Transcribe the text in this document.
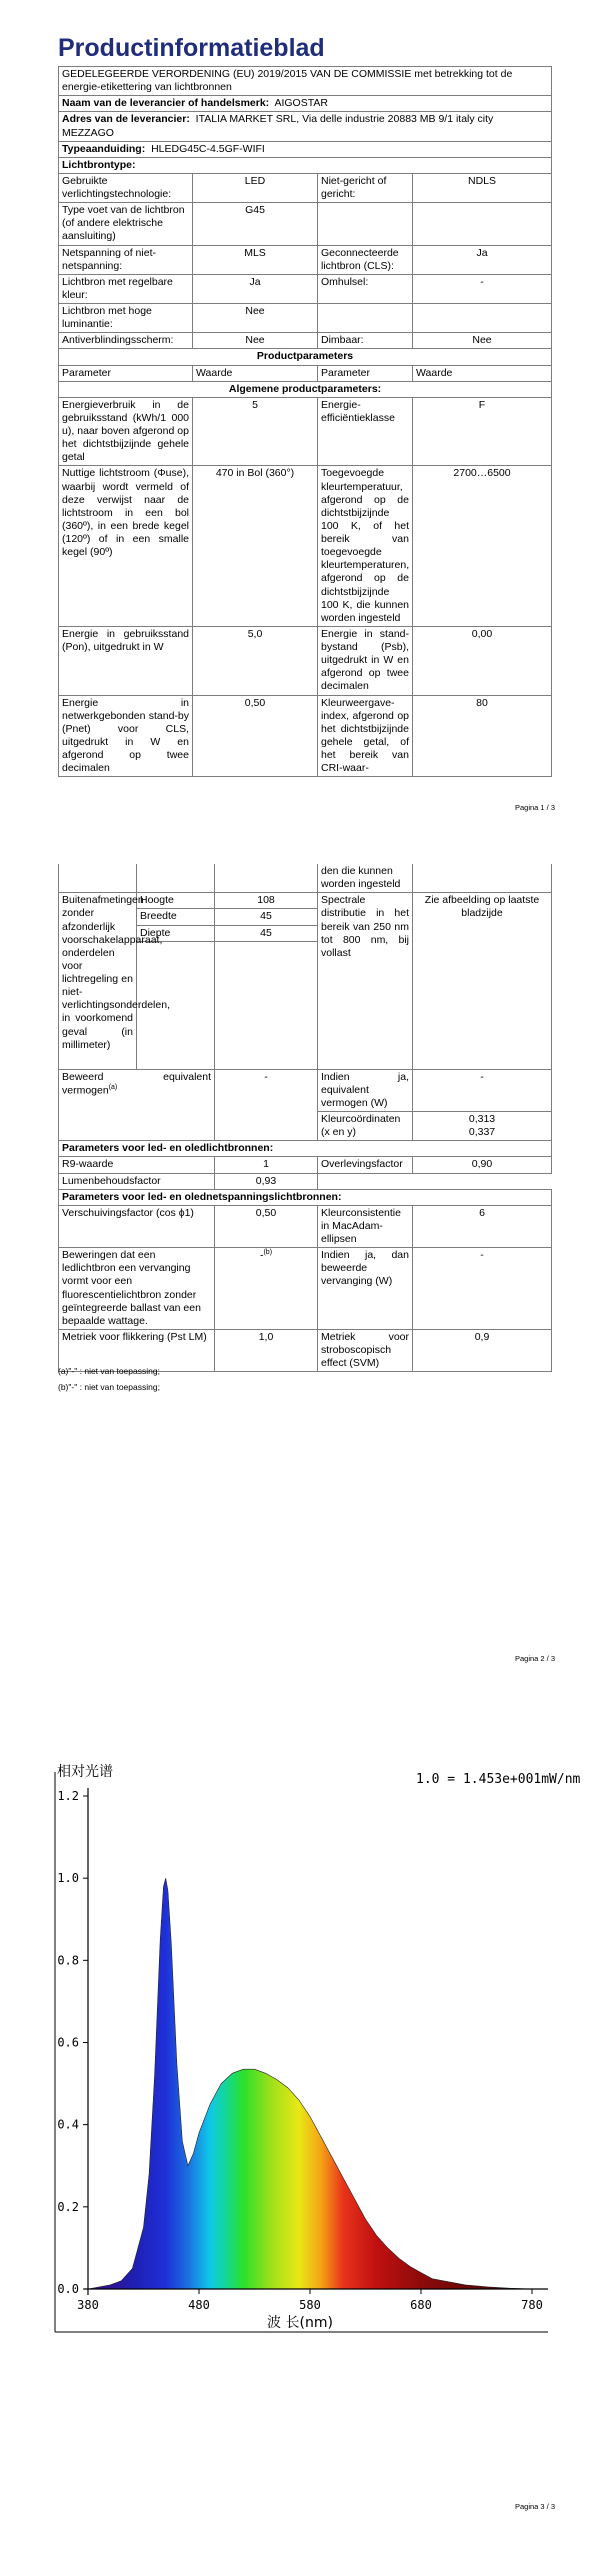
Productinformatieblad
GEDELEGEERDE VERORDENING (EU) 2019/2015 VAN DE COMMISSIE met betrekking tot de energie-etikettering van lichtbronnen			
Naam van de leverancier of handelsmerk: AIGOSTAR			
Adres van de leverancier: ITALIA MARKET SRL, Via delle industrie 20883 MB 9/1 italy city MEZZAGO			
Typeaanduiding: HLEDG45C-4.5GF-WIFI			
Lichtbrontype:			
Gebruikte verlichtingstechnologie:	LED	Niet-gericht of gericht:	NDLS
Type voet van de lichtbron (of andere elektrische aansluiting)	G45		
Netspanning of niet-netspanning:	MLS	Geconnecteerde lichtbron (CLS):	Ja
Lichtbron met regelbare kleur:	Ja	Omhulsel:	-
Lichtbron met hoge luminantie:	Nee		
Antiverblindingsscherm:	Nee	Dimbaar:	Nee
Productparameters			
Parameter	Waarde	Parameter	Waarde
Algemene productparameters:			
Energieverbruik in de gebruiksstand (kWh/1 000 u), naar boven afgerond op het dichtstbijzijnde gehele getal	5	Energie-efficiëntieklasse	F
Nuttige lichtstroom (Φuse), waarbij wordt vermeld of deze verwijst naar de lichtstroom in een bol (360º), in een brede kegel (120º) of in een smalle kegel (90º)	470 in Bol (360°)	Toegevoegde kleurtemperatuur, afgerond op de dichtstbijzijnde 100 K, of het bereik van toegevoegde kleurtemperaturen, afgerond op de dichtstbijzijnde 100 K, die kunnen worden ingesteld	2700…6500
Energie in gebruiksstand (Pon), uitgedrukt in W	5,0	Energie in stand-bystand (Psb), uitgedrukt in W en afgerond op twee decimalen	0,00
Energie in netwerkgebonden stand-by (Pnet) voor CLS, uitgedrukt in W en afgerond op twee decimalen	0,50	Kleurweergave-index, afgerond op het dichtstbijzijnde gehele getal, of het bereik van CRI-waar-	80
Pagina 1 / 3
			den die kunnen worden ingesteld	
Buitenafmetingen zonder afzonderlijk voorschakelapparaat, onderdelen voor lichtregeling en niet-verlichtingsonderdelen, in voorkomend geval (in millimeter)	Hoogte	108	Spectrale distributie in het bereik van 250 nm tot 800 nm, bij vollast	Zie afbeelding op laatste bladzijde
	Breedte	45		
	Diepte	45		

Beweerd equivalent vermogen$^{(a)}$		-	Indien ja, equivalent vermogen (W)	-
			Kleurcoördinaten (x en y)	0,313
0,337

Parameters voor led- en oledlichtbronnen:				
R9-waarde		1	Overlevingsfactor	0,90
Lumenbehoudsfactor		0,93		
Parameters voor led- en olednetspanningslichtbronnen:				
Verschuivingsfactor (cos ϕ1)		0,50	Kleurconsistentie in MacAdam-ellipsen	6
Beweringen dat een ledlichtbron een vervanging vormt voor een fluorescentielichtbron zonder geïntegreerde ballast van een bepaalde wattage.		-$^{(b)}$	Indien ja, dan beweerde vervanging (W)	-
Metriek voor flikkering (Pst LM)		1,0	Metriek voor stroboscopisch effect (SVM)	0,9
(a)"-" : niet van toepassing;
(b)"-" : niet van toepassing;
Pagina 2 / 3
相对光谱	1.0 = 1.453e+001mW/nm
0.0
0.2
0.4
0.6
0.8
1.0
1.2
380	480	580	680	780
波 长(nm)
Pagina 3 / 3
